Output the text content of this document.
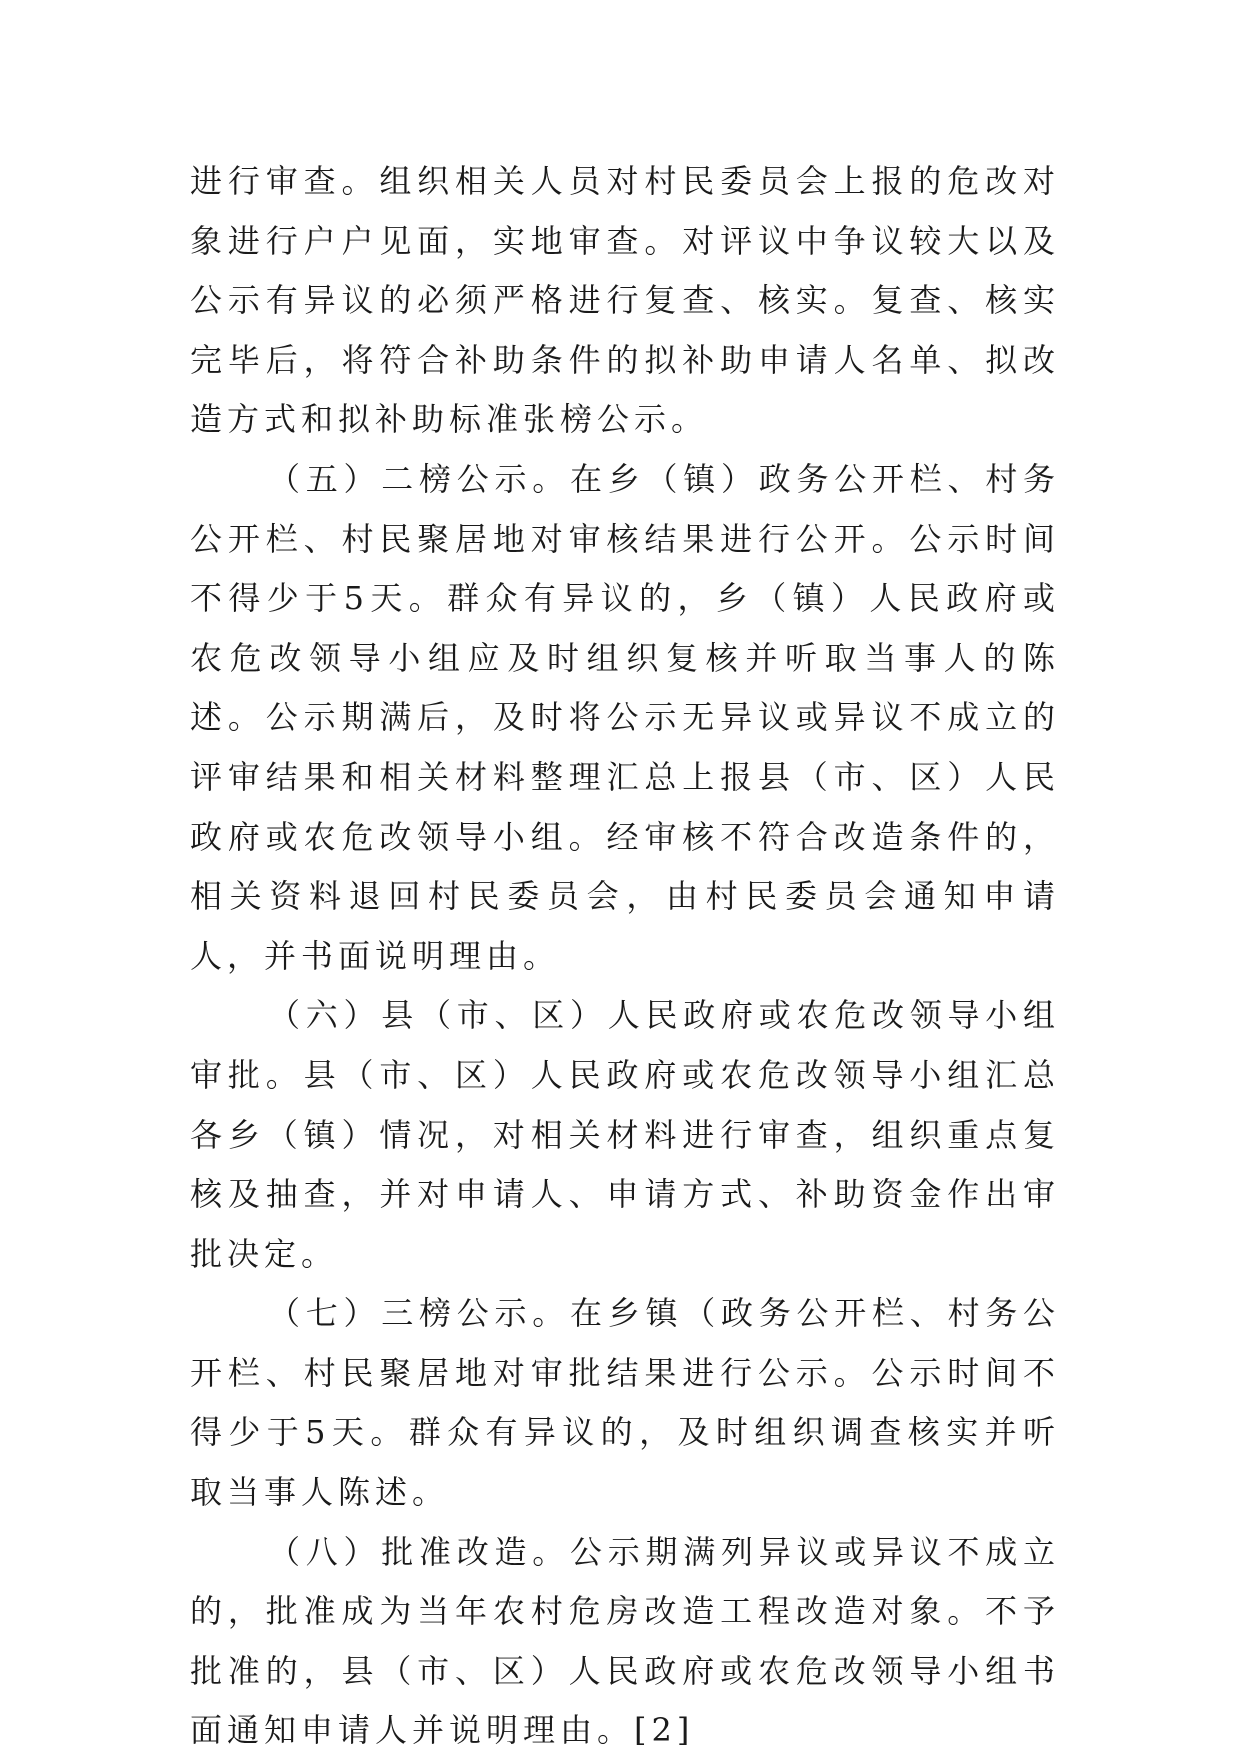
进行审查。组织相关人员对村民委员会上报的危改对象进行户户见面，实地审查。对评议中争议较大以及公示有异议的必须严格进行复查、核实。复查、核实完毕后，将符合补助条件的拟补助申请人名单、拟改造方式和拟补助标准张榜公示。

（五）二榜公示。在乡（镇）政务公开栏、村务公开栏、村民聚居地对审核结果进行公开。公示时间不得少于5天。群众有异议的，乡（镇）人民政府或农危改领导小组应及时组织复核并听取当事人的陈述。公示期满后，及时将公示无异议或异议不成立的评审结果和相关材料整理汇总上报县（市、区）人民政府或农危改领导小组。经审核不符合改造条件的，相关资料退回村民委员会，由村民委员会通知申请人，并书面说明理由。

（六）县（市、区）人民政府或农危改领导小组审批。县（市、区）人民政府或农危改领导小组汇总各乡（镇）情况，对相关材料进行审查，组织重点复核及抽查，并对申请人、申请方式、补助资金作出审批决定。

（七）三榜公示。在乡镇（政务公开栏、村务公开栏、村民聚居地对审批结果进行公示。公示时间不得少于5天。群众有异议的，及时组织调查核实并听取当事人陈述。

（八）批准改造。公示期满列异议或异议不成立的，批准成为当年农村危房改造工程改造对象。不予批准的，县（市、区）人民政府或农危改领导小组书面通知申请人并说明理由。[2]
